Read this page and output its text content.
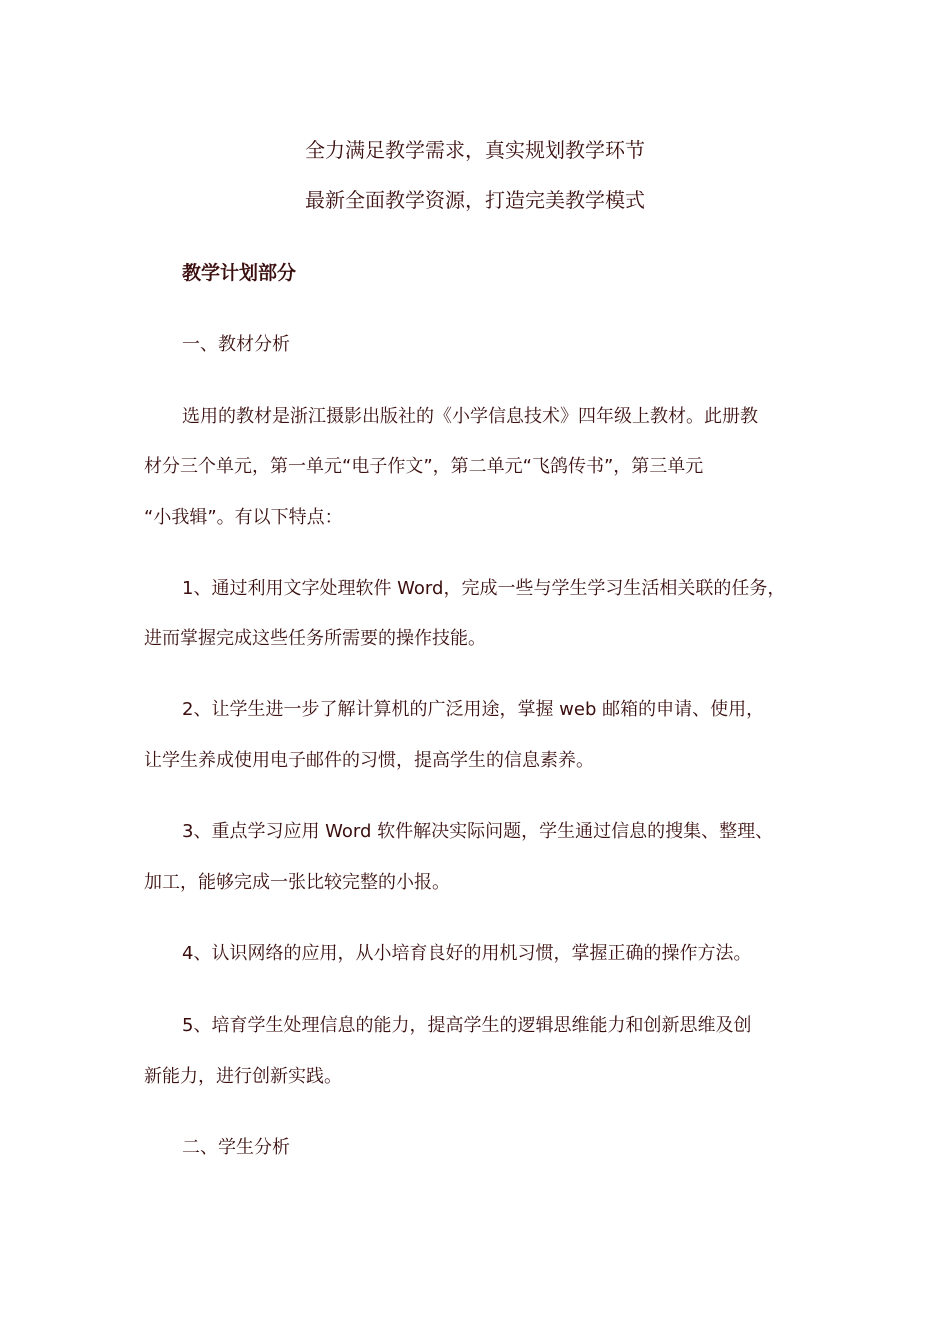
全力满足教学需求，真实规划教学环节
最新全面教学资源，打造完美教学模式
教学计划部分
一、教材分析
选用的教材是浙江摄影出版社的《小学信息技术》四年级上教材。此册教
材分三个单元，第一单元“电子作文”，第二单元“飞鸽传书”，第三单元
“小我辑”。有以下特点：
1、通过利用文字处理软件 Word，完成一些与学生学习生活相关联的任务，
进而掌握完成这些任务所需要的操作技能。
2、让学生进一步了解计算机的广泛用途，掌握 web 邮箱的申请、使用，
让学生养成使用电子邮件的习惯，提高学生的信息素养。
3、重点学习应用 Word 软件解决实际问题，学生通过信息的搜集、整理、
加工，能够完成一张比较完整的小报。
4、认识网络的应用，从小培育良好的用机习惯，掌握正确的操作方法。
5、培育学生处理信息的能力，提高学生的逻辑思维能力和创新思维及创
新能力，进行创新实践。
二、学生分析
